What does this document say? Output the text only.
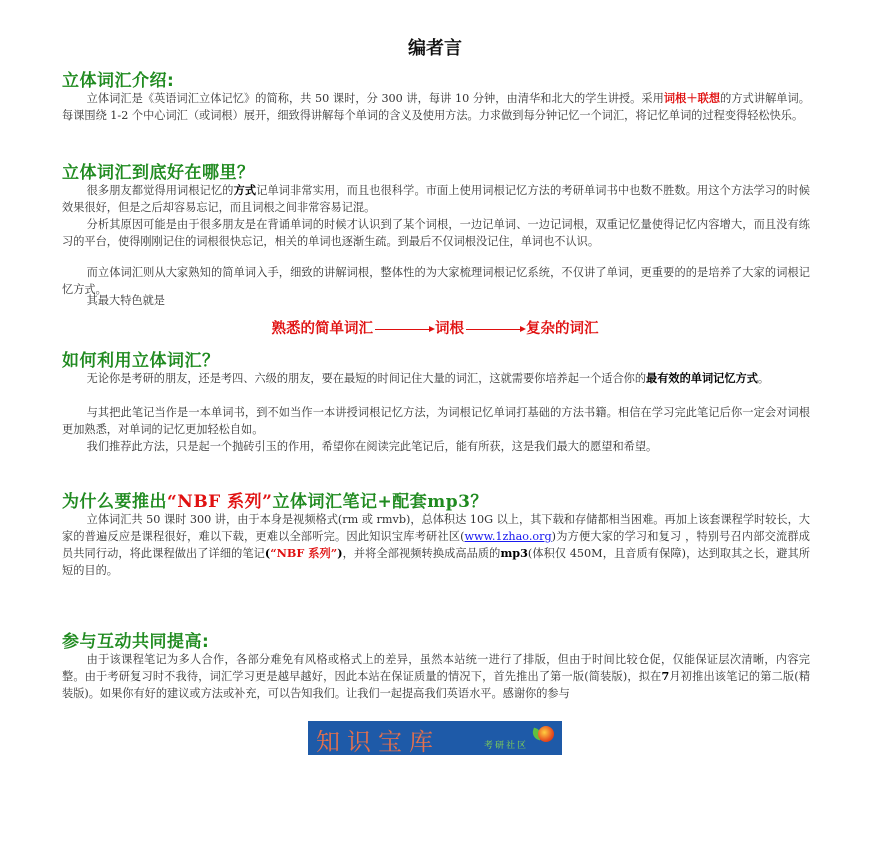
编者言
立体词汇介绍:
立体词汇是《英语词汇立体记忆》的简称，共 50 课时，分 300 讲，每讲 10 分钟，由清华和北大的学生讲授。采用词根＋联想的方式讲解单词。每课围绕 1-2 个中心词汇（或词根）展开，细致得讲解每个单词的含义及使用方法。力求做到每分钟记忆一个词汇，将记忆单词的过程变得轻松快乐。
立体词汇到底好在哪里？
很多朋友都觉得用词根记忆的方式记单词非常实用，而且也很科学。市面上使用词根记忆方法的考研单词书中也数不胜数。用这个方法学习的时候效果很好，但是之后却容易忘记，而且词根之间非常容易记混。
分析其原因可能是由于很多朋友是在背诵单词的时候才认识到了某个词根，一边记单词、一边记词根，双重记忆量使得记忆内容增大，而且没有练习的平台，使得刚刚记住的词根很快忘记，相关的单词也逐渐生疏。到最后不仅词根没记住，单词也不认识。
而立体词汇则从大家熟知的简单词入手，细致的讲解词根，整体性的为大家梳理词根记忆系统，不仅讲了单词，更重要的的是培养了大家的词根记忆方式。
其最大特色就是
熟悉的简单词汇	词根	复杂的词汇
如何利用立体词汇？
无论你是考研的朋友，还是考四、六级的朋友，要在最短的时间记住大量的词汇，这就需要你培养起一个适合你的最有效的单词记忆方式。
与其把此笔记当作是一本单词书，到不如当作一本讲授词根记忆方法，为词根记忆单词打基础的方法书籍。相信在学习完此笔记后你一定会对词根更加熟悉，对单词的记忆更加轻松自如。
我们推荐此方法，只是起一个抛砖引玉的作用，希望你在阅读完此笔记后，能有所获，这是我们最大的愿望和希望。
为什么要推出“NBF 系列”立体词汇笔记+配套mp3？
立体词汇共 50 课时 300 讲，由于本身是视频格式(rm 或 rmvb)，总体积达 10G 以上，其下载和存储都相当困难。再加上该套课程学时较长，大家的普遍反应是课程很好，难以下载，更难以全部听完。因此知识宝库考研社区(www.1zhao.org)为方便大家的学习和复习 ，特别号召内部交流群成员共同行动，将此课程做出了详细的笔记(“NBF 系列”)，并将全部视频转换成高品质的mp3(体积仅 450M，且音质有保障)，达到取其之长，避其所短的目的。
参与互动共同提高:
由于该课程笔记为多人合作，各部分难免有风格或格式上的差异，虽然本站统一进行了排版，但由于时间比较仓促，仅能保证层次清晰，内容完整。由于考研复习时不我待，词汇学习更是越早越好，因此本站在保证质量的情况下，首先推出了第一版(简装版)，拟在7月初推出该笔记的第二版(精装版)。如果你有好的建议或方法或补充，可以告知我们。让我们一起提高我们英语水平。感谢你的参与
知识宝库	考研社区
